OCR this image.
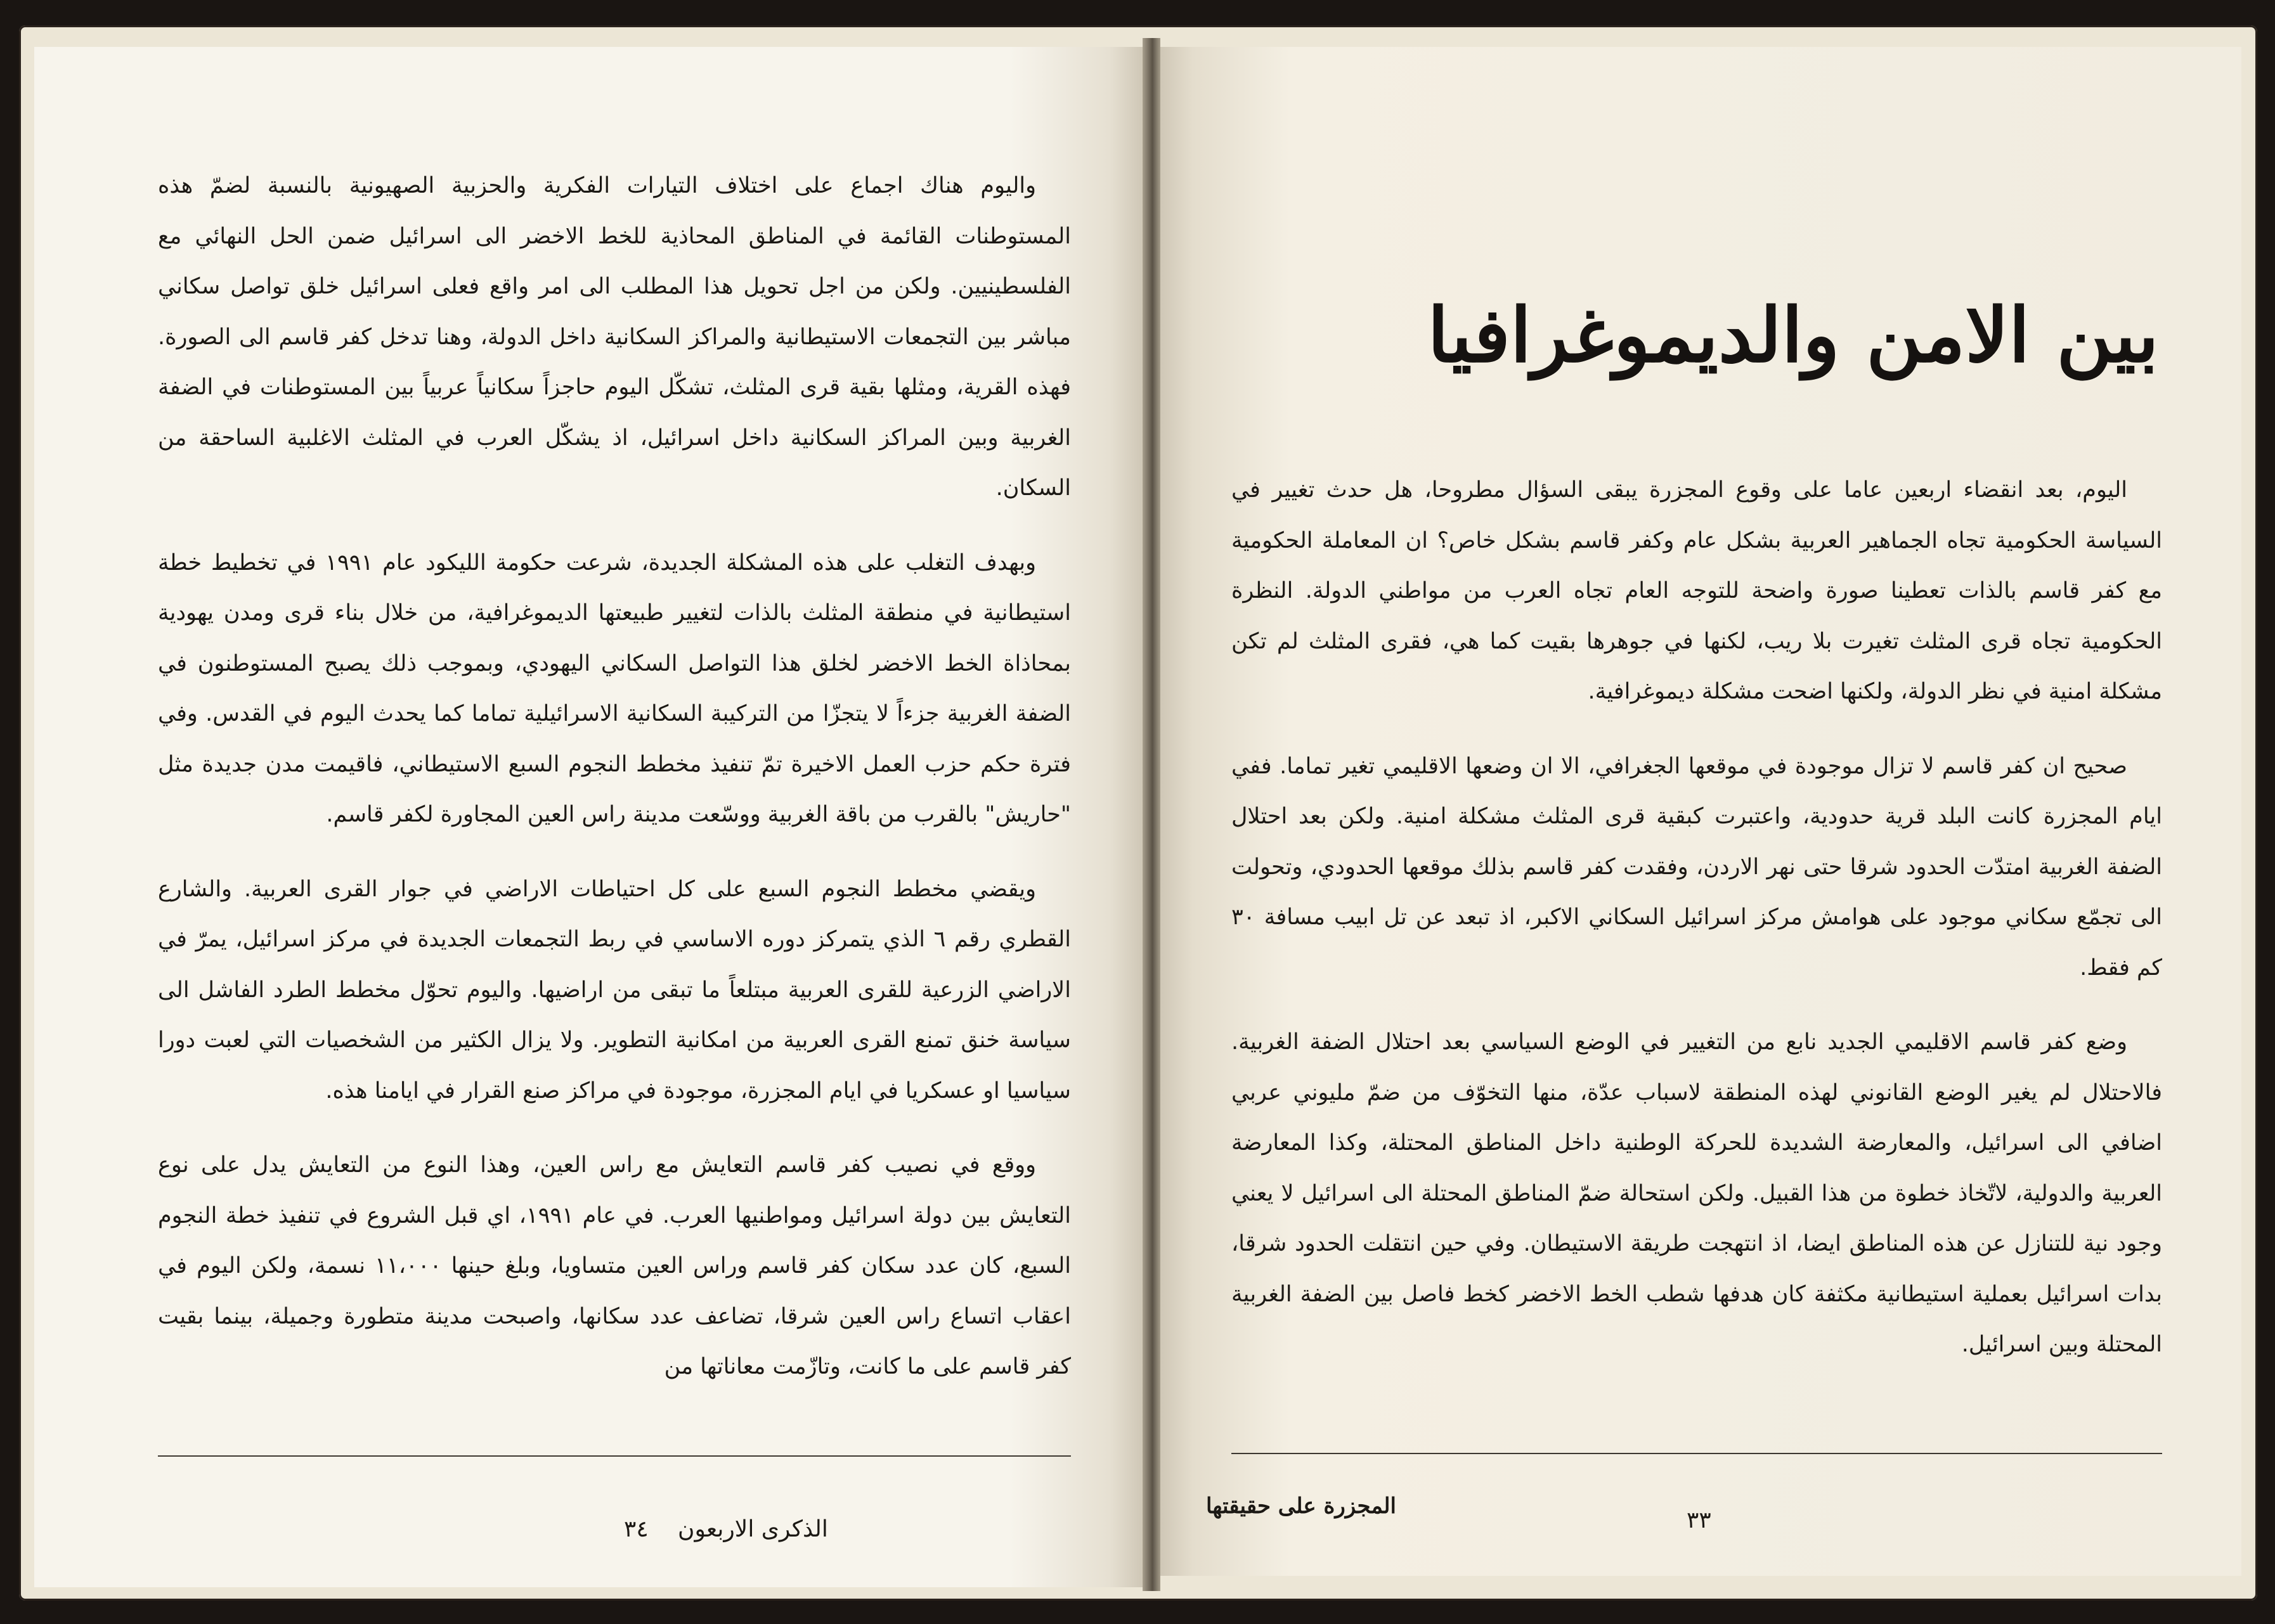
واليوم هناك اجماع على اختلاف التيارات الفكرية والحزبية الصهيونية بالنسبة لضمّ هذه المستوطنات القائمة في المناطق المحاذية للخط الاخضر الى اسرائيل ضمن الحل النهائي مع الفلسطينيين. ولكن من اجل تحويل هذا المطلب الى امر واقع فعلى اسرائيل خلق تواصل سكاني مباشر بين التجمعات الاستيطانية والمراكز السكانية داخل الدولة، وهنا تدخل كفر قاسم الى الصورة. فهذه القرية، ومثلها بقية قرى المثلث، تشكّل اليوم حاجزاً سكانياً عربياً بين المستوطنات في الضفة الغربية وبين المراكز السكانية داخل اسرائيل، اذ يشكّل العرب في المثلث الاغلبية الساحقة من السكان.

وبهدف التغلب على هذه المشكلة الجديدة، شرعت حكومة الليكود عام ١٩٩١ في تخطيط خطة استيطانية في منطقة المثلث بالذات لتغيير طبيعتها الديموغرافية، من خلال بناء قرى ومدن يهودية بمحاذاة الخط الاخضر لخلق هذا التواصل السكاني اليهودي، وبموجب ذلك يصبح المستوطنون في الضفة الغربية جزءاً لا يتجزّا من التركيبة السكانية الاسرائيلية تماما كما يحدث اليوم في القدس. وفي فترة حكم حزب العمل الاخيرة تمّ تنفيذ مخطط النجوم السبع الاستيطاني، فاقيمت مدن جديدة مثل "حاريش" بالقرب من باقة الغربية ووسّعت مدينة راس العين المجاورة لكفر قاسم.

ويقضي مخطط النجوم السبع على كل احتياطات الاراضي في جوار القرى العربية. والشارع القطري رقم ٦ الذي يتمركز دوره الاساسي في ربط التجمعات الجديدة في مركز اسرائيل، يمرّ في الاراضي الزرعية للقرى العربية مبتلعاً ما تبقى من اراضيها. واليوم تحوّل مخطط الطرد الفاشل الى سياسة خنق تمنع القرى العربية من امكانية التطوير. ولا يزال الكثير من الشخصيات التي لعبت دورا سياسيا او عسكريا في ايام المجزرة، موجودة في مراكز صنع القرار في ايامنا هذه.

ووقع في نصيب كفر قاسم التعايش مع راس العين، وهذا النوع من التعايش يدل على نوع التعايش بين دولة اسرائيل ومواطنيها العرب. في عام ١٩٩١، اي قبل الشروع في تنفيذ خطة النجوم السبع، كان عدد سكان كفر قاسم وراس العين متساويا، وبلغ حينها ١١،٠٠٠ نسمة، ولكن اليوم في اعقاب اتساع راس العين شرقا، تضاعف عدد سكانها، واصبحت مدينة متطورة وجميلة، بينما بقيت كفر قاسم على ما كانت، وتازّمت معاناتها من

الذكرى الاربعون
٣٤
بين الامن والديموغرافيا

اليوم، بعد انقضاء اربعين عاما على وقوع المجزرة يبقى السؤال مطروحا، هل حدث تغيير في السياسة الحكومية تجاه الجماهير العربية بشكل عام وكفر قاسم بشكل خاص؟ ان المعاملة الحكومية مع كفر قاسم بالذات تعطينا صورة واضحة للتوجه العام تجاه العرب من مواطني الدولة. النظرة الحكومية تجاه قرى المثلث تغيرت بلا ريب، لكنها في جوهرها بقيت كما هي، فقرى المثلث لم تكن مشكلة امنية في نظر الدولة، ولكنها اضحت مشكلة ديموغرافية.

صحيح ان كفر قاسم لا تزال موجودة في موقعها الجغرافي، الا ان وضعها الاقليمي تغير تماما. ففي ايام المجزرة كانت البلد قرية حدودية، واعتبرت كبقية قرى المثلث مشكلة امنية. ولكن بعد احتلال الضفة الغربية امتدّت الحدود شرقا حتى نهر الاردن، وفقدت كفر قاسم بذلك موقعها الحدودي، وتحولت الى تجمّع سكاني موجود على هوامش مركز اسرائيل السكاني الاكبر، اذ تبعد عن تل ابيب مسافة ٣٠ كم فقط.

وضع كفر قاسم الاقليمي الجديد نابع من التغيير في الوضع السياسي بعد احتلال الضفة الغربية. فالاحتلال لم يغير الوضع القانوني لهذه المنطقة لاسباب عدّة، منها التخوّف من ضمّ مليوني عربي اضافي الى اسرائيل، والمعارضة الشديدة للحركة الوطنية داخل المناطق المحتلة، وكذا المعارضة العربية والدولية، لاتّخاذ خطوة من هذا القبيل. ولكن استحالة ضمّ المناطق المحتلة الى اسرائيل لا يعني وجود نية للتنازل عن هذه المناطق ايضا، اذ انتهجت طريقة الاستيطان. وفي حين انتقلت الحدود شرقا، بدات اسرائيل بعملية استيطانية مكثفة كان هدفها شطب الخط الاخضر كخط فاصل بين الضفة الغربية المحتلة وبين اسرائيل.

المجزرة على حقيقتها
٣٣
